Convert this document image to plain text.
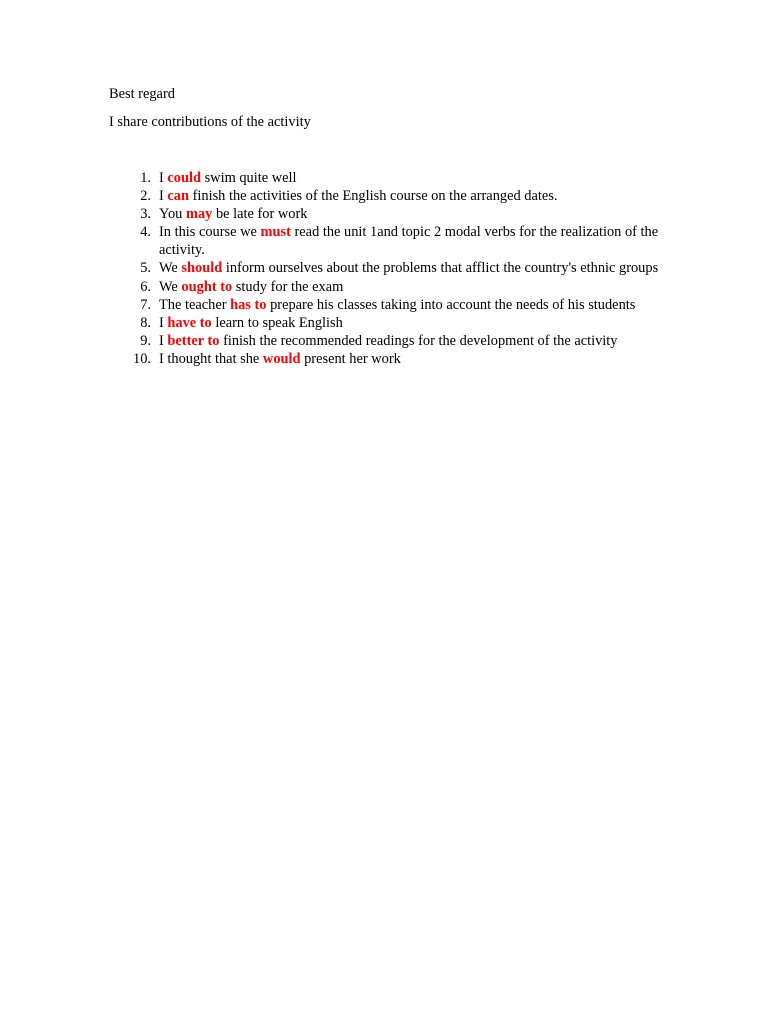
Best regard
I share contributions of the activity
1. I could swim quite well
2. I can finish the activities of the English course on the arranged dates.
3. You may be late for work
4. In this course we must read the unit 1and topic 2 modal verbs for the realization of the activity.
5. We should inform ourselves about the problems that afflict the country's ethnic groups
6. We ought to study for the exam
7. The teacher has to prepare his classes taking into account the needs of his students
8. I have to learn to speak English
9. I better to finish the recommended readings for the development of the activity
10. I thought that she would present her work
